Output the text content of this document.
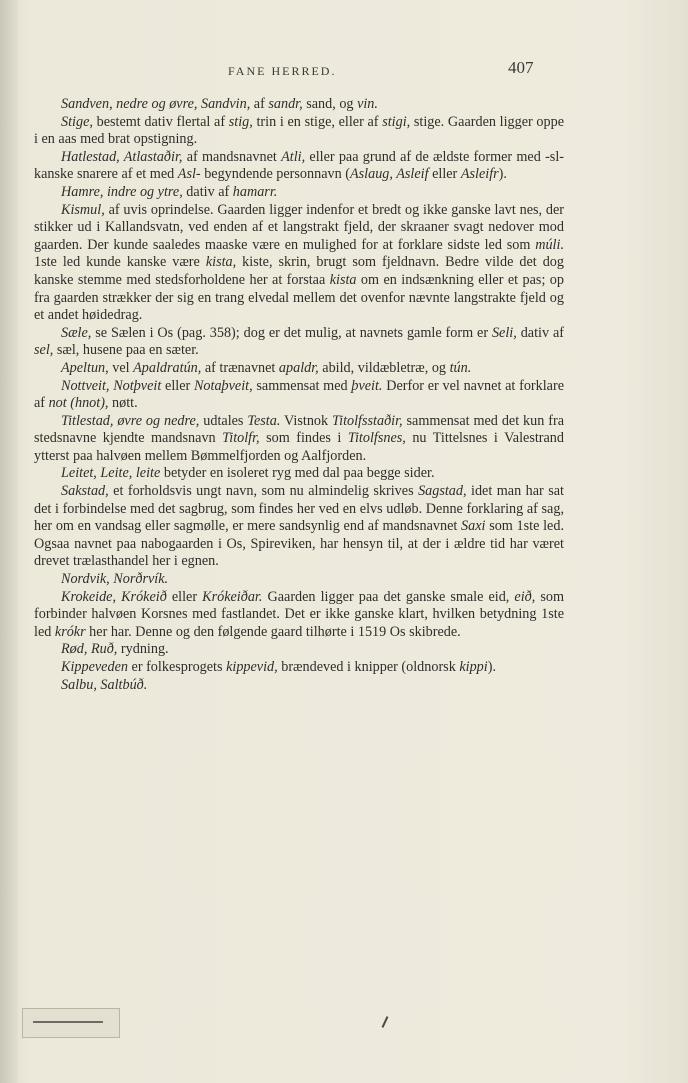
FANE HERRED.	407

Sandven, nedre og øvre, Sandvin, af sandr, sand, og vin.

Stige, bestemt dativ flertal af stig, trin i en stige, eller af stigi, stige. Gaarden ligger oppe i en aas med brat opstigning.

Hatlestad, Atlastaðir, af mandsnavnet Atli, eller paa grund af de ældste former med -sl- kanske snarere af et med Asl- begyndende personnavn (Aslaug, Asleif eller Asleifr).

Hamre, indre og ytre, dativ af hamarr.

Kismul, af uvis oprindelse. Gaarden ligger indenfor et bredt og ikke ganske lavt nes, der stikker ud i Kallandsvatn, ved enden af et langstrakt fjeld, der skraaner svagt nedover mod gaarden. Der kunde saaledes maaske være en mulighed for at forklare sidste led som múli. 1ste led kunde kanske være kista, kiste, skrin, brugt som fjeldnavn. Bedre vilde det dog kanske stemme med stedsforholdene her at forstaa kista om en indsænkning eller et pas; op fra gaarden strækker der sig en trang elvedal mellem det ovenfor nævnte langstrakte fjeld og et andet høidedrag.

Sæle, se Sælen i Os (pag. 358); dog er det mulig, at navnets gamle form er Seli, dativ af sel, sæl, husene paa en sæter.

Apeltun, vel Apaldratún, af trænavnet apaldr, abild, vildæbletræ, og tún.

Nottveit, Notþveit eller Notaþveit, sammensat med þveit. Derfor er vel navnet at forklare af not (hnot), nøtt.

Titlestad, øvre og nedre, udtales Testa. Vistnok Titolfsstaðir, sammensat med det kun fra stedsnavne kjendte mandsnavn Titolfr, som findes i Titolfsnes, nu Tittelsnes i Valestrand ytterst paa halvøen mellem Bømmelfjorden og Aalfjorden.

Leitet, Leite, leite betyder en isoleret ryg med dal paa begge sider.

Sakstad, et forholdsvis ungt navn, som nu almindelig skrives Sagstad, idet man har sat det i forbindelse med det sagbrug, som findes her ved en elvs udløb. Denne forklaring af sag, her om en vandsag eller sagmølle, er mere sandsynlig end af mandsnavnet Saxi som 1ste led. Ogsaa navnet paa nabogaarden i Os, Spireviken, har hensyn til, at der i ældre tid har været drevet trælasthandel her i egnen.

Nordvik, Norðrvík.

Krokeide, Krókeið eller Krókeiðar. Gaarden ligger paa det ganske smale eid, eið, som forbinder halvøen Korsnes med fastlandet. Det er ikke ganske klart, hvilken betydning 1ste led krókr her har. Denne og den følgende gaard tilhørte i 1519 Os skibrede.

Rød, Ruð, rydning.

Kippeveden er folkesprogets kippevid, brændeved i knipper (oldnorsk kippi).

Salbu, Saltbúð.
